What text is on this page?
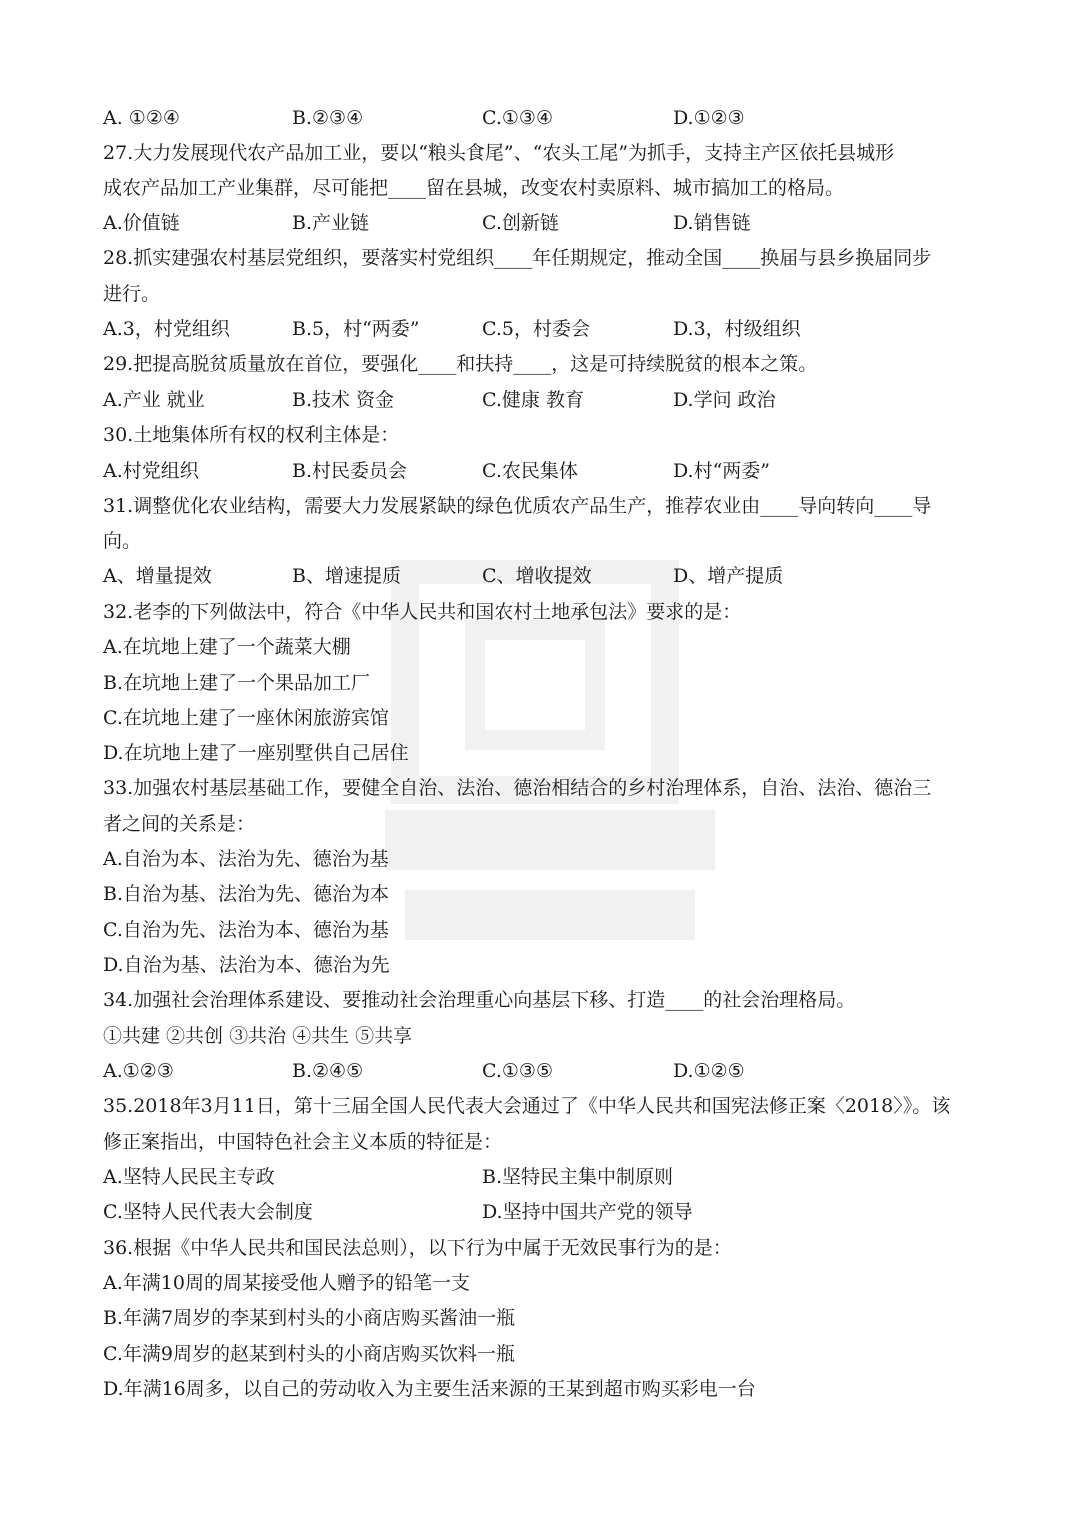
A. ①②④	B.②③④	C.①③④	D.①②③
27.大力发展现代农产品加工业，要以“粮头食尾”、“农头工尾”为抓手，支持主产区依托县城形
成农产品加工产业集群，尽可能把____留在县城，改变农村卖原料、城市搞加工的格局。
A.价值链	B.产业链	C.创新链	D.销售链
28.抓实建强农村基层党组织，要落实村党组织____年任期规定，推动全国____换届与县乡换届同步
进行。
A.3，村党组织	B.5，村“两委”	C.5，村委会	D.3，村级组织
29.把提高脱贫质量放在首位，要强化____和扶持____，这是可持续脱贫的根本之策。
A.产业 就业	B.技术 资金	C.健康 教育	D.学问 政治
30.土地集体所有权的权利主体是：
A.村党组织	B.村民委员会	C.农民集体	D.村“两委”
31.调整优化农业结构，需要大力发展紧缺的绿色优质农产品生产，推荐农业由____导向转向____导
向。
A、增量提效	B、增速提质	C、增收提效	D、增产提质
32.老李的下列做法中，符合《中华人民共和国农村土地承包法》要求的是：
A.在坑地上建了一个蔬菜大棚
B.在坑地上建了一个果品加工厂
C.在坑地上建了一座休闲旅游宾馆
D.在坑地上建了一座别墅供自己居住
33.加强农村基层基础工作，要健全自治、法治、德治相结合的乡村治理体系，自治、法治、德治三
者之间的关系是：
A.自治为本、法治为先、德治为基
B.自治为基、法治为先、德治为本
C.自治为先、法治为本、德治为基
D.自治为基、法治为本、德治为先
34.加强社会治理体系建设、要推动社会治理重心向基层下移、打造____的社会治理格局。
①共建 ②共创 ③共治 ④共生 ⑤共享
A.①②③	B.②④⑤	C.①③⑤	D.①②⑤
35.2018年3月11日，第十三届全国人民代表大会通过了《中华人民共和国宪法修正案〈2018〉》。该
修正案指出，中国特色社会主义本质的特征是：
A.坚特人民民主专政	B.坚特民主集中制原则
C.坚特人民代表大会制度	D.坚持中国共产党的领导
36.根据《中华人民共和国民法总则），以下行为中属于无效民事行为的是：
A.年满10周的周某接受他人赠予的铅笔一支
B.年满7周岁的李某到村头的小商店购买酱油一瓶
C.年满9周岁的赵某到村头的小商店购买饮料一瓶
D.年满16周多，以自己的劳动收入为主要生活来源的王某到超市购买彩电一台
